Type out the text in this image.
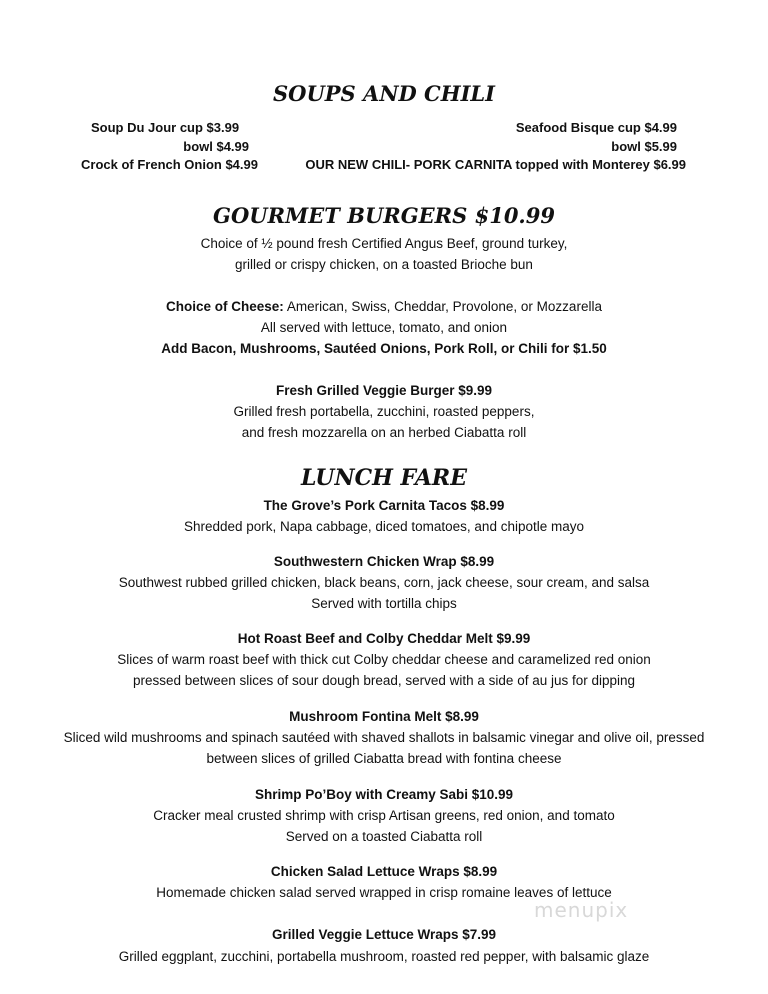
SOUPS AND CHILI
Soup Du Jour cup $3.99
bowl $4.99
Crock of French Onion $4.99
Seafood Bisque cup $4.99
bowl $5.99
OUR NEW CHILI- PORK CARNITA topped with Monterey $6.99
GOURMET BURGERS $10.99
Choice of ½ pound fresh Certified Angus Beef, ground turkey,
grilled or crispy chicken, on a toasted Brioche bun
Choice of Cheese: American, Swiss, Cheddar, Provolone, or Mozzarella
All served with lettuce, tomato, and onion
Add Bacon, Mushrooms, Sautéed Onions, Pork Roll, or Chili for $1.50
Fresh Grilled Veggie Burger $9.99
Grilled fresh portabella, zucchini, roasted peppers,
and fresh mozzarella on an herbed Ciabatta roll
LUNCH FARE
The Grove’s Pork Carnita Tacos $8.99
Shredded pork, Napa cabbage, diced tomatoes, and chipotle mayo
Southwestern Chicken Wrap $8.99
Southwest rubbed grilled chicken, black beans, corn, jack cheese, sour cream, and salsa
Served with tortilla chips
Hot Roast Beef and Colby Cheddar Melt $9.99
Slices of warm roast beef with thick cut Colby cheddar cheese and caramelized red onion
pressed between slices of sour dough bread, served with a side of au jus for dipping
Mushroom Fontina Melt $8.99
Sliced wild mushrooms and spinach sautéed with shaved shallots in balsamic vinegar and olive oil, pressed
between slices of grilled Ciabatta bread with fontina cheese
Shrimp Po’Boy with Creamy Sabi $10.99
Cracker meal crusted shrimp with crisp Artisan greens, red onion, and tomato
Served on a toasted Ciabatta roll
Chicken Salad Lettuce Wraps $8.99
Homemade chicken salad served wrapped in crisp romaine leaves of lettuce
Grilled Veggie Lettuce Wraps $7.99
Grilled eggplant, zucchini, portabella mushroom, roasted red pepper, with balsamic glaze
menupix
